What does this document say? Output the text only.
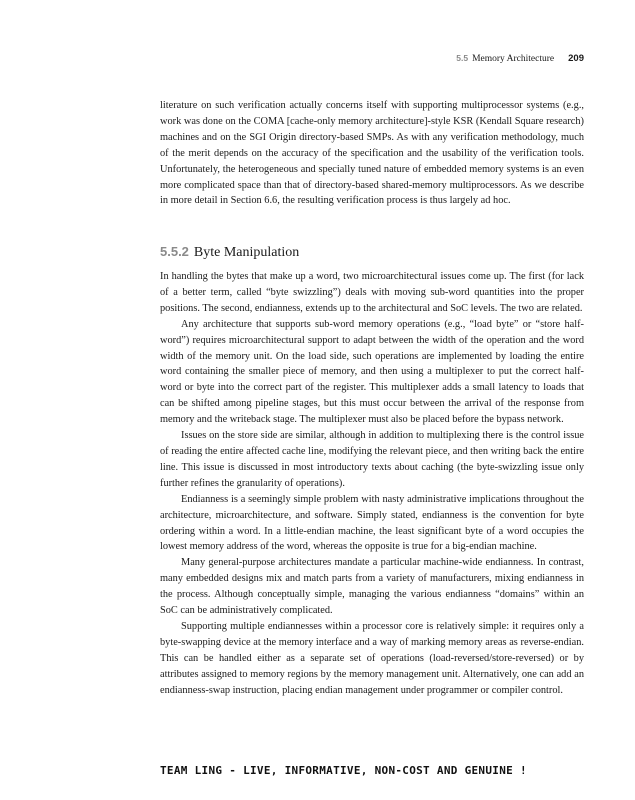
5.5 Memory Architecture 209

literature on such verification actually concerns itself with supporting multiprocessor systems (e.g., work was done on the COMA [cache-only memory architecture]-style KSR (Kendall Square research) machines and on the SGI Origin directory-based SMPs. As with any verification methodology, much of the merit depends on the accuracy of the specification and the usability of the verification tools. Unfortunately, the heterogeneous and specially tuned nature of embedded memory systems is an even more complicated space than that of directory-based shared-memory multiprocessors. As we describe in more detail in Section 6.6, the resulting verification process is thus largely ad hoc.

5.5.2 Byte Manipulation

In handling the bytes that make up a word, two microarchitectural issues come up. The first (for lack of a better term, called “byte swizzling”) deals with moving sub-word quantities into the proper positions. The second, endianness, extends up to the architectural and SoC levels. The two are related.

Any architecture that supports sub-word memory operations (e.g., “load byte” or “store half-word”) requires microarchitectural support to adapt between the width of the operation and the word width of the memory unit. On the load side, such operations are implemented by loading the entire word containing the smaller piece of memory, and then using a multiplexer to put the correct half-word or byte into the correct part of the register. This multiplexer adds a small latency to loads that can be shifted among pipeline stages, but this must occur between the arrival of the response from memory and the writeback stage. The multiplexer must also be placed before the bypass network.

Issues on the store side are similar, although in addition to multiplexing there is the control issue of reading the entire affected cache line, modifying the relevant piece, and then writing back the entire line. This issue is discussed in most introductory texts about caching (the byte-swizzling issue only further refines the granularity of operations).

Endianness is a seemingly simple problem with nasty administrative implications throughout the architecture, microarchitecture, and software. Simply stated, endianness is the convention for byte ordering within a word. In a little-endian machine, the least significant byte of a word occupies the lowest memory address of the word, whereas the opposite is true for a big-endian machine.

Many general-purpose architectures mandate a particular machine-wide endianness. In contrast, many embedded designs mix and match parts from a variety of manufacturers, mixing endianness in the process. Although conceptually simple, managing the various endianness “domains” within an SoC can be administratively complicated.

Supporting multiple endiannesses within a processor core is relatively simple: it requires only a byte-swapping device at the memory interface and a way of marking memory areas as reverse-endian. This can be handled either as a separate set of operations (load-reversed/store-reversed) or by attributes assigned to memory regions by the memory management unit. Alternatively, one can add an endianness-swap instruction, placing endian management under programmer or compiler control.

TEAM LING - LIVE, INFORMATIVE, NON-COST AND GENUINE !
